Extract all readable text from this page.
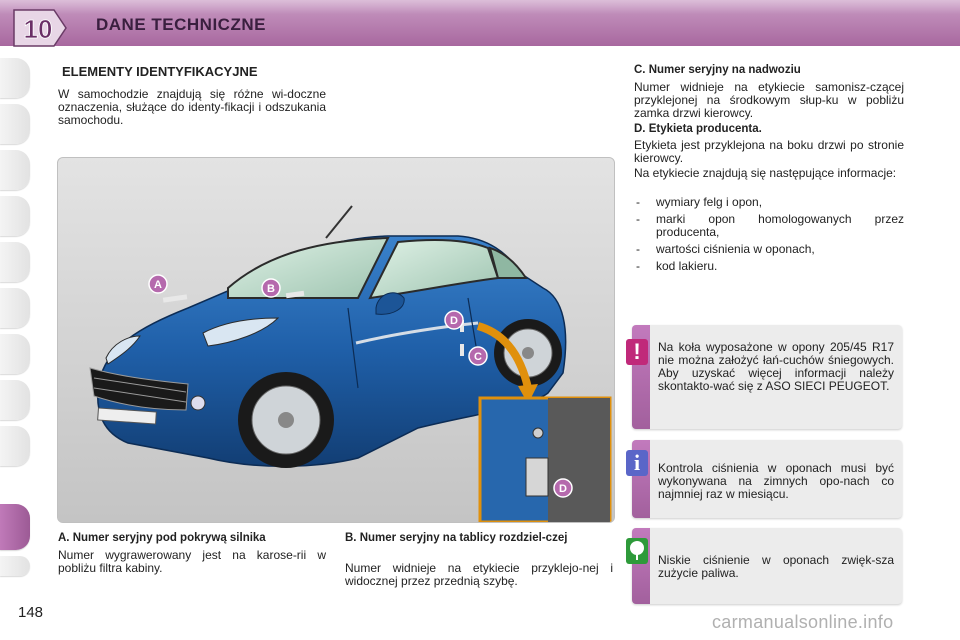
10	DANE TECHNICZNE
ELEMENTY IDENTYFIKACYJNE
W samochodzie znajdują się różne wi-doczne oznaczenia, służące do identy-fikacji i odszukania samochodu.
A	B
C
D
D
A. Numer seryjny pod pokrywą silnika
Numer wygrawerowany jest na karose-rii w pobliżu filtra kabiny.
B. Numer seryjny na tablicy rozdziel-czej
Numer widnieje na etykiecie przyklejo-nej i widocznej przez przednią szybę.
C. Numer seryjny na nadwoziu
Numer widnieje na etykiecie samonisz-czącej przyklejonej na środkowym słup-ku w pobliżu zamka drzwi kierowcy.
D. Etykieta producenta.
Etykieta jest przyklejona na boku drzwi po stronie kierowcy.
Na etykiecie znajdują się następujące informacje:
- wymiary felg i opon,
- marki opon homologowanych przez producenta,
- wartości ciśnienia w oponach,
- kod lakieru.
!	Na koła wyposażone w opony 205/45 R17 nie można założyć łań-cuchów śniegowych. Aby uzyskać więcej informacji należy skontakto-wać się z ASO SIECI PEUGEOT.
i	Kontrola ciśnienia w oponach musi być wykonywana na zimnych opo-nach co najmniej raz w miesiącu.
Niskie ciśnienie w oponach zwięk-sza zużycie paliwa.
148	carmanualsonline.info
